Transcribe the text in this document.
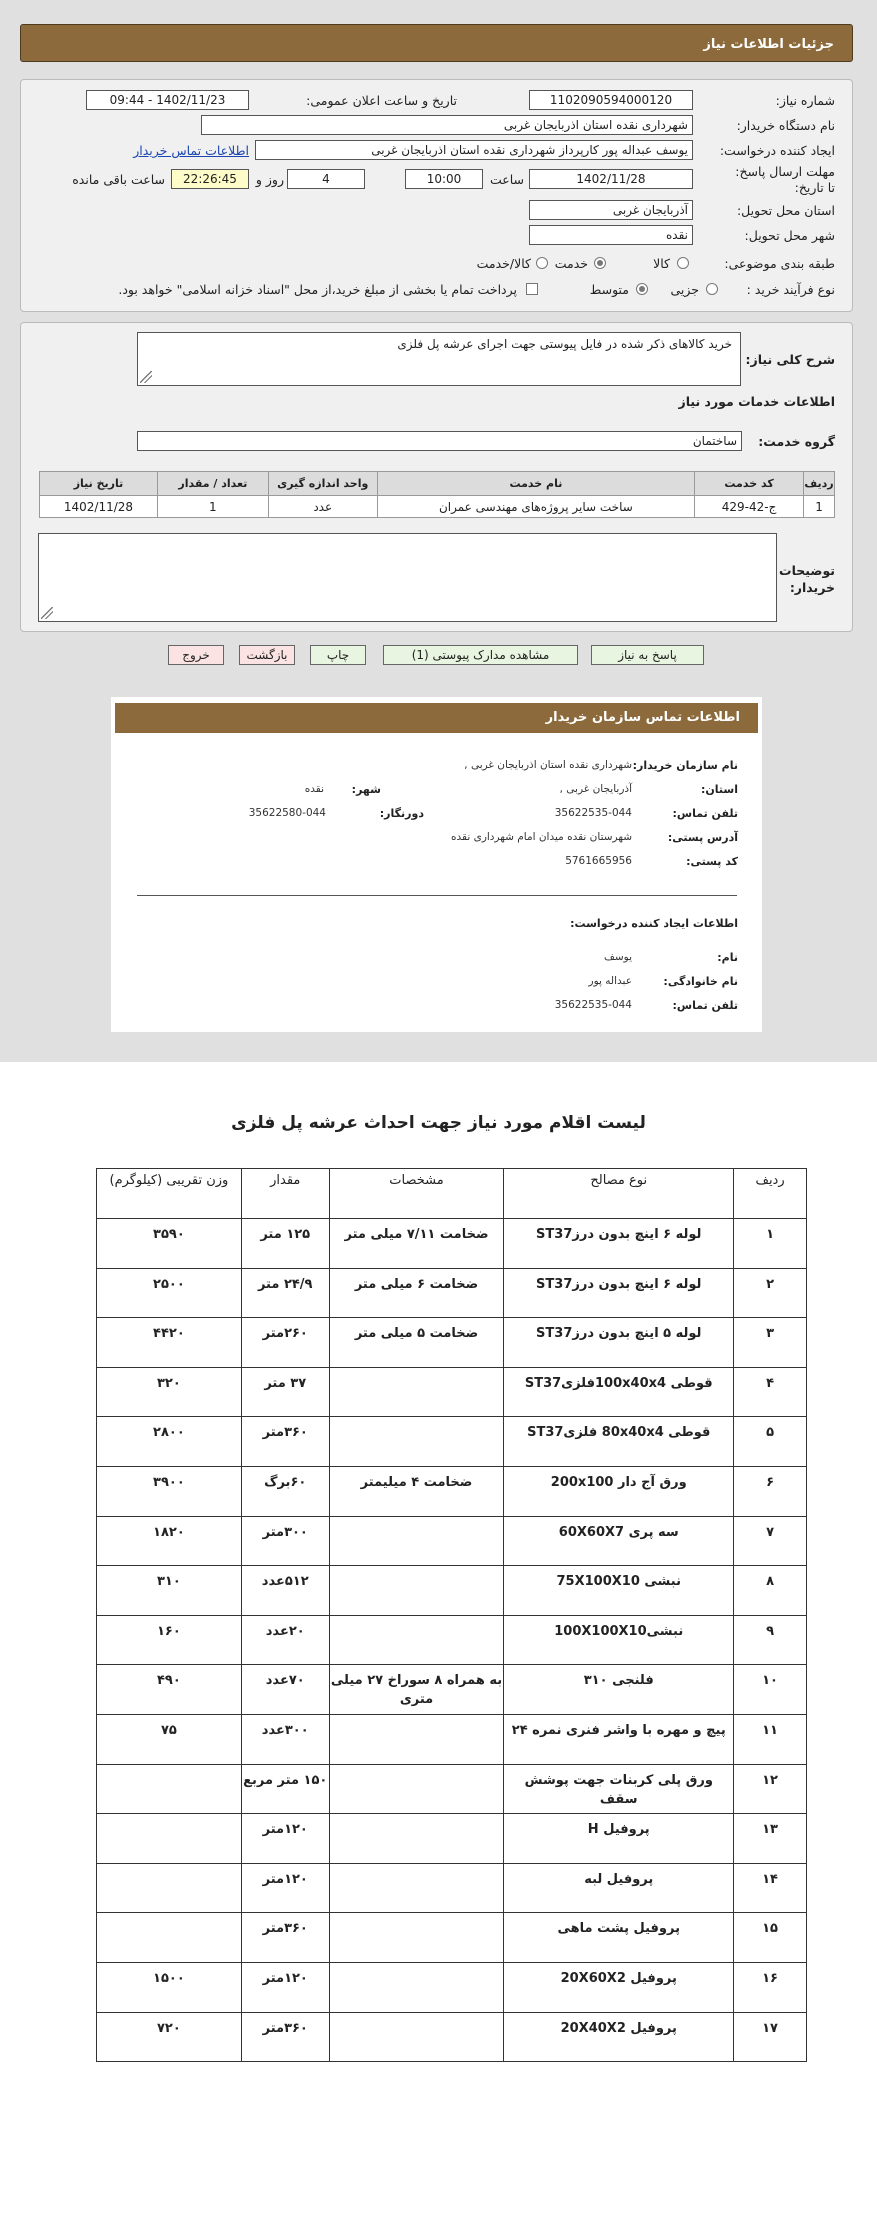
جزئیات اطلاعات نیاز
شماره نیاز:
1102090594000120
تاریخ و ساعت اعلان عمومی:
1402/11/23 - 09:44
نام دستگاه خریدار:
شهرداری نقده استان اذربایجان غربی
ایجاد کننده درخواست:
یوسف عبداله پور کارپرداز شهرداری نقده استان اذربایجان غربی
اطلاعات تماس خریدار
مهلت ارسال پاسخ: تا تاریخ:
1402/11/28
ساعت
10:00
4
روز و
22:26:45
ساعت باقی مانده
استان محل تحویل:
آذربایجان غربی
شهر محل تحویل:
نقده
طبقه بندی موضوعی:
کالا
خدمت
کالا/خدمت
نوع فرآیند خرید :
جزیی
متوسط
پرداخت تمام یا بخشی از مبلغ خرید،از محل "اسناد خزانه اسلامی" خواهد بود.
شرح کلی نیاز:
خرید کالاهای ذکر شده در فایل پیوستی جهت اجرای عرشه پل فلزی
اطلاعات خدمات مورد نیاز
گروه خدمت:
ساختمان
ردیف	کد خدمت	نام خدمت	واحد اندازه گیری	تعداد / مقدار	تاریخ نیاز
1	ج-42-429	ساخت سایر پروژه‌های مهندسی عمران	عدد	1	1402/11/28
توضیحات خریدار:
پاسخ به نیاز
مشاهده مدارک پیوستی (1)
چاپ
بازگشت
خروج
اطلاعات تماس سازمان خریدار
نام سازمان خریدار:
شهرداری نقده استان اذربایجان غربی ,
استان:
آذربایجان غربی ,
تلفن تماس:
35622535-044
شهر:
نقده
دورنگار:
35622580-044
آدرس پستی:
شهرستان نقده میدان امام شهرداری نقده
کد پستی:
5761665956
اطلاعات ایجاد کننده درخواست:
نام:
یوسف
نام خانوادگی:
عبداله پور
تلفن تماس:
35622535-044
لیست اقلام مورد نیاز جهت احداث عرشه پل فلزی
ردیف	نوع مصالح	مشخصات	مقدار	وزن تقریبی (کیلوگرم)
۱	لوله ۶ اینچ بدون درزST37	ضخامت ۷/۱۱ میلی متر	۱۲۵ متر	۳۵۹۰
۲	لوله ۶ اینچ بدون درزST37	ضخامت ۶ میلی متر	۲۴/۹ متر	۲۵۰۰
۳	لوله ۵ اینچ بدون درزST37	ضخامت ۵ میلی متر	۲۶۰متر	۴۴۲۰
۴	قوطی 100x40x4فلزیST37		۳۷ متر	۳۲۰
۵	قوطی 80x40x4 فلزیST37		۳۶۰متر	۲۸۰۰
۶	ورق آج دار 200x100	ضخامت ۴ میلیمتر	۶۰برگ	۳۹۰۰
۷	سه پری 60X60X7		۳۰۰متر	۱۸۲۰
۸	نبشی 75X100X10		۵۱۲عدد	۳۱۰
۹	نبشی100X100X10		۲۰عدد	۱۶۰
۱۰	فلنجی ۳۱۰	به همراه ۸ سوراخ ۲۷ میلی متری	۷۰عدد	۴۹۰
۱۱	پیچ و مهره با واشر فنری نمره ۲۴		۳۰۰عدد	۷۵
۱۲	ورق پلی کربنات جهت پوشش سقف		۱۵۰ متر مربع	
۱۳	پروفیل H		۱۲۰متر	
۱۴	پروفیل لبه		۱۲۰متر	
۱۵	پروفیل پشت ماهی		۳۶۰متر	
۱۶	پروفیل 20X60X2		۱۲۰متر	۱۵۰۰
۱۷	پروفیل 20X40X2		۳۶۰متر	۷۲۰
